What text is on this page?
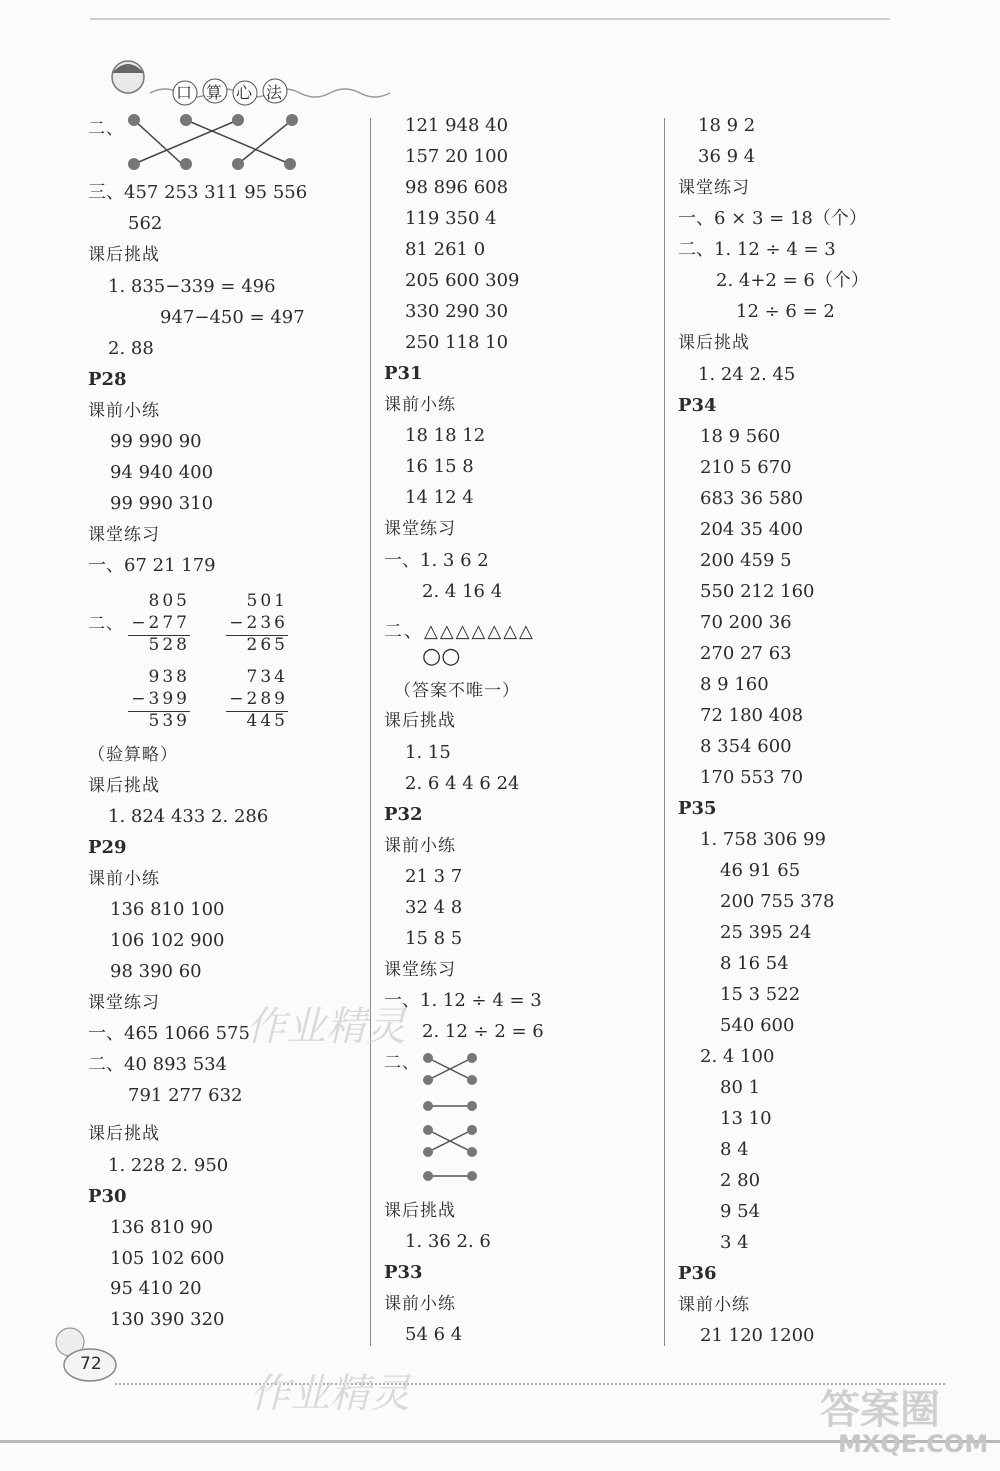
口算心法
二、
三、457 253 311 95 556
562
课后挑战
1. 835−339 = 496
947−450 = 497
2. 88
P28
课前小练
99 990 90
94 940 400
99 990 310
课堂练习
一、67 21 179
二、
805
−277
528
501
−236
265
938
−399
539
734
−289
445
（验算略）
课后挑战
1. 824 433 2. 286
P29
课前小练
136 810 100
106 102 900
98 390 60
课堂练习
一、465 1066 575
二、40 893 534
791 277 632
课后挑战
1. 228 2. 950
P30
136 810 90
105 102 600
95 410 20
130 390 320
121 948 40
157 20 100
98 896 608
119 350 4
81 261 0
205 600 309
330 290 30
250 118 10
P31
课前小练
18 18 12
16 15 8
14 12 4
课堂练习
一、1. 3 6 2
2. 4 16 4
二、△△△△△△△
○○
（答案不唯一）
课后挑战
1. 15
2. 6 4 4 6 24
P32
课前小练
21 3 7
32 4 8
15 8 5
课堂练习
一、1. 12 ÷ 4 = 3
2. 12 ÷ 2 = 6
二、
课后挑战
1. 36 2. 6
P33
课前小练
54 6 4
18 9 2
36 9 4
课堂练习
一、6 × 3 = 18（个）
二、1. 12 ÷ 4 = 3
2. 4+2 = 6（个）
12 ÷ 6 = 2
课后挑战
1. 24 2. 45
P34
18 9 560
210 5 670
683 36 580
204 35 400
200 459 5
550 212 160
70 200 36
270 27 63
8 9 160
72 180 408
8 354 600
170 553 70
P35
1. 758 306 99
46 91 65
200 755 378
25 395 24
8 16 54
15 3 522
540 600
2. 4 100
80 1
13 10
8 4
2 80
9 54
3 4
P36
课前小练
21 120 1200
72
作业精灵
作业精灵	答案圈
MXQE.COM
